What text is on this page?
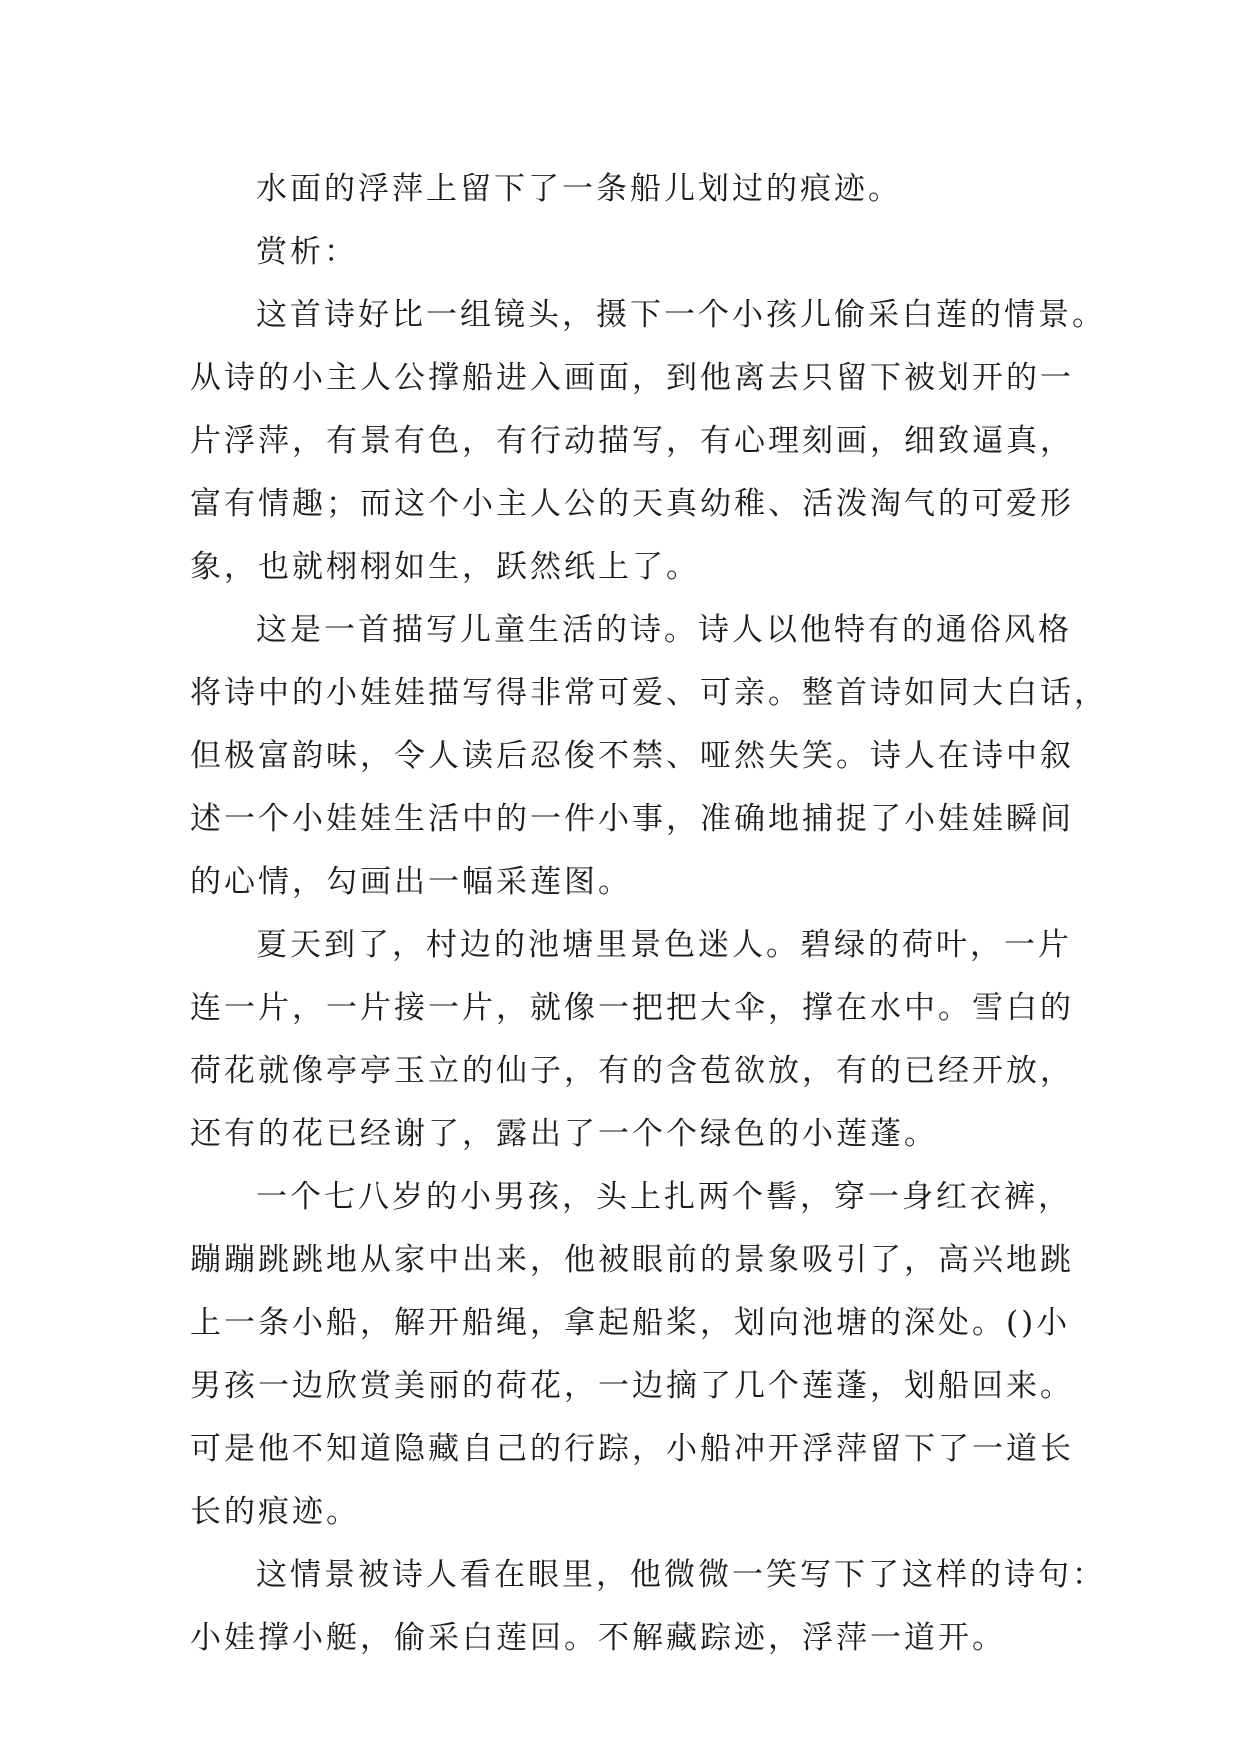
水面的浮萍上留下了一条船儿划过的痕迹。
赏析：
这首诗好比一组镜头，摄下一个小孩儿偷采白莲的情景。
从诗的小主人公撑船进入画面，到他离去只留下被划开的一
片浮萍，有景有色，有行动描写，有心理刻画，细致逼真，
富有情趣；而这个小主人公的天真幼稚、活泼淘气的可爱形
象，也就栩栩如生，跃然纸上了。
这是一首描写儿童生活的诗。诗人以他特有的通俗风格
将诗中的小娃娃描写得非常可爱、可亲。整首诗如同大白话，
但极富韵味，令人读后忍俊不禁、哑然失笑。诗人在诗中叙
述一个小娃娃生活中的一件小事，准确地捕捉了小娃娃瞬间
的心情，勾画出一幅采莲图。
夏天到了，村边的池塘里景色迷人。碧绿的荷叶，一片
连一片，一片接一片，就像一把把大伞，撑在水中。雪白的
荷花就像亭亭玉立的仙子，有的含苞欲放，有的已经开放，
还有的花已经谢了，露出了一个个绿色的小莲蓬。
一个七八岁的小男孩，头上扎两个髻，穿一身红衣裤，
蹦蹦跳跳地从家中出来，他被眼前的景象吸引了，高兴地跳
上一条小船，解开船绳，拿起船桨，划向池塘的深处。()小
男孩一边欣赏美丽的荷花，一边摘了几个莲蓬，划船回来。
可是他不知道隐藏自己的行踪，小船冲开浮萍留下了一道长
长的痕迹。
这情景被诗人看在眼里，他微微一笑写下了这样的诗句：
小娃撑小艇，偷采白莲回。不解藏踪迹，浮萍一道开。
